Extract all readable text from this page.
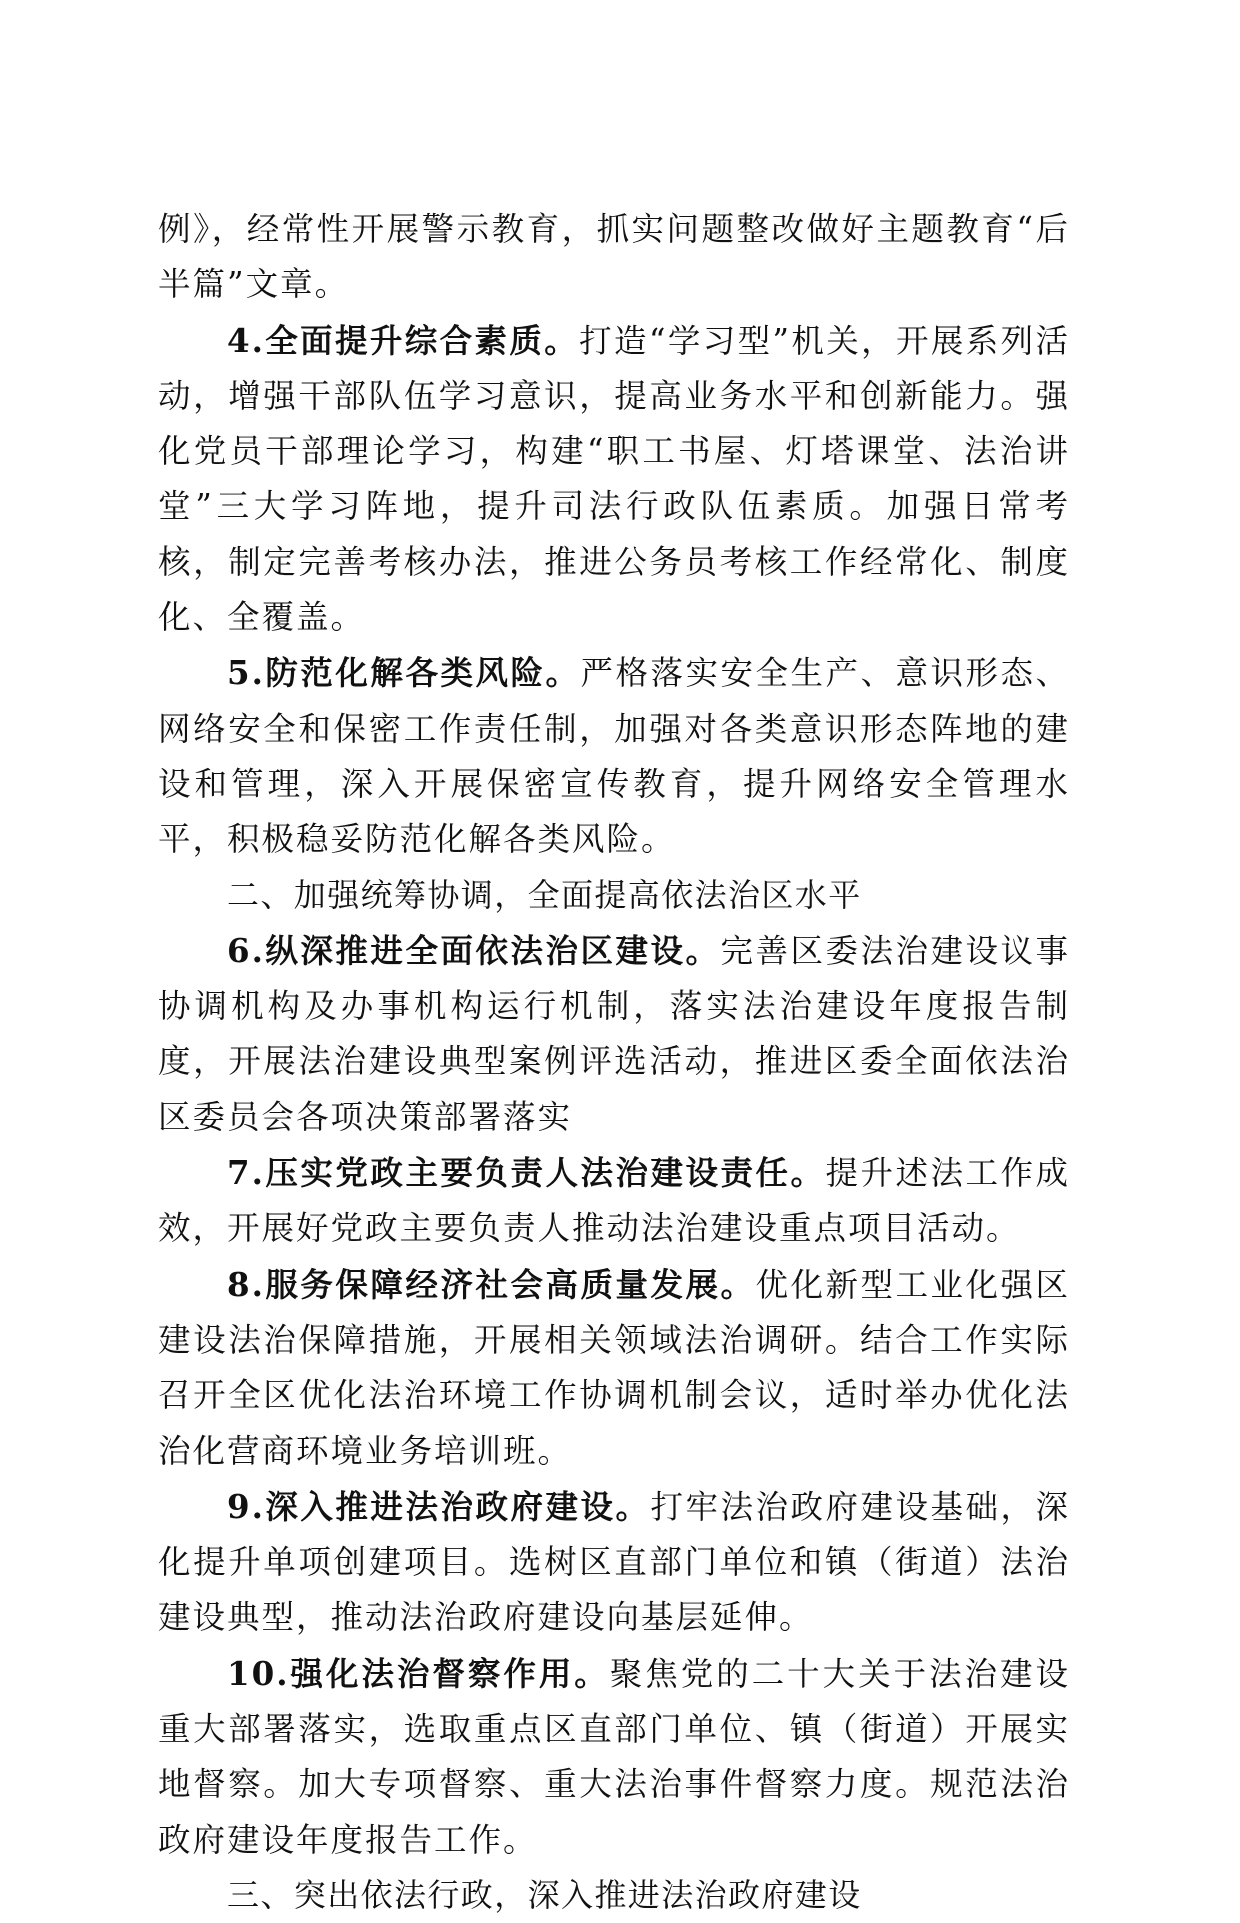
例》，经常性开展警示教育，抓实问题整改做好主题教育“后半篇”文章。

4.全面提升综合素质。打造“学习型”机关，开展系列活动，增强干部队伍学习意识，提高业务水平和创新能力。强化党员干部理论学习，构建“职工书屋、灯塔课堂、法治讲堂”三大学习阵地，提升司法行政队伍素质。加强日常考核，制定完善考核办法，推进公务员考核工作经常化、制度化、全覆盖。

5.防范化解各类风险。严格落实安全生产、意识形态、网络安全和保密工作责任制，加强对各类意识形态阵地的建设和管理，深入开展保密宣传教育，提升网络安全管理水平，积极稳妥防范化解各类风险。

二、加强统筹协调，全面提高依法治区水平

6.纵深推进全面依法治区建设。完善区委法治建设议事协调机构及办事机构运行机制，落实法治建设年度报告制度，开展法治建设典型案例评选活动，推进区委全面依法治区委员会各项决策部署落实

7.压实党政主要负责人法治建设责任。提升述法工作成效，开展好党政主要负责人推动法治建设重点项目活动。

8.服务保障经济社会高质量发展。优化新型工业化强区建设法治保障措施，开展相关领域法治调研。结合工作实际召开全区优化法治环境工作协调机制会议，适时举办优化法治化营商环境业务培训班。

9.深入推进法治政府建设。打牢法治政府建设基础，深化提升单项创建项目。选树区直部门单位和镇（街道）法治建设典型，推动法治政府建设向基层延伸。

10.强化法治督察作用。聚焦党的二十大关于法治建设重大部署落实，选取重点区直部门单位、镇（街道）开展实地督察。加大专项督察、重大法治事件督察力度。规范法治政府建设年度报告工作。

三、突出依法行政，深入推进法治政府建设
